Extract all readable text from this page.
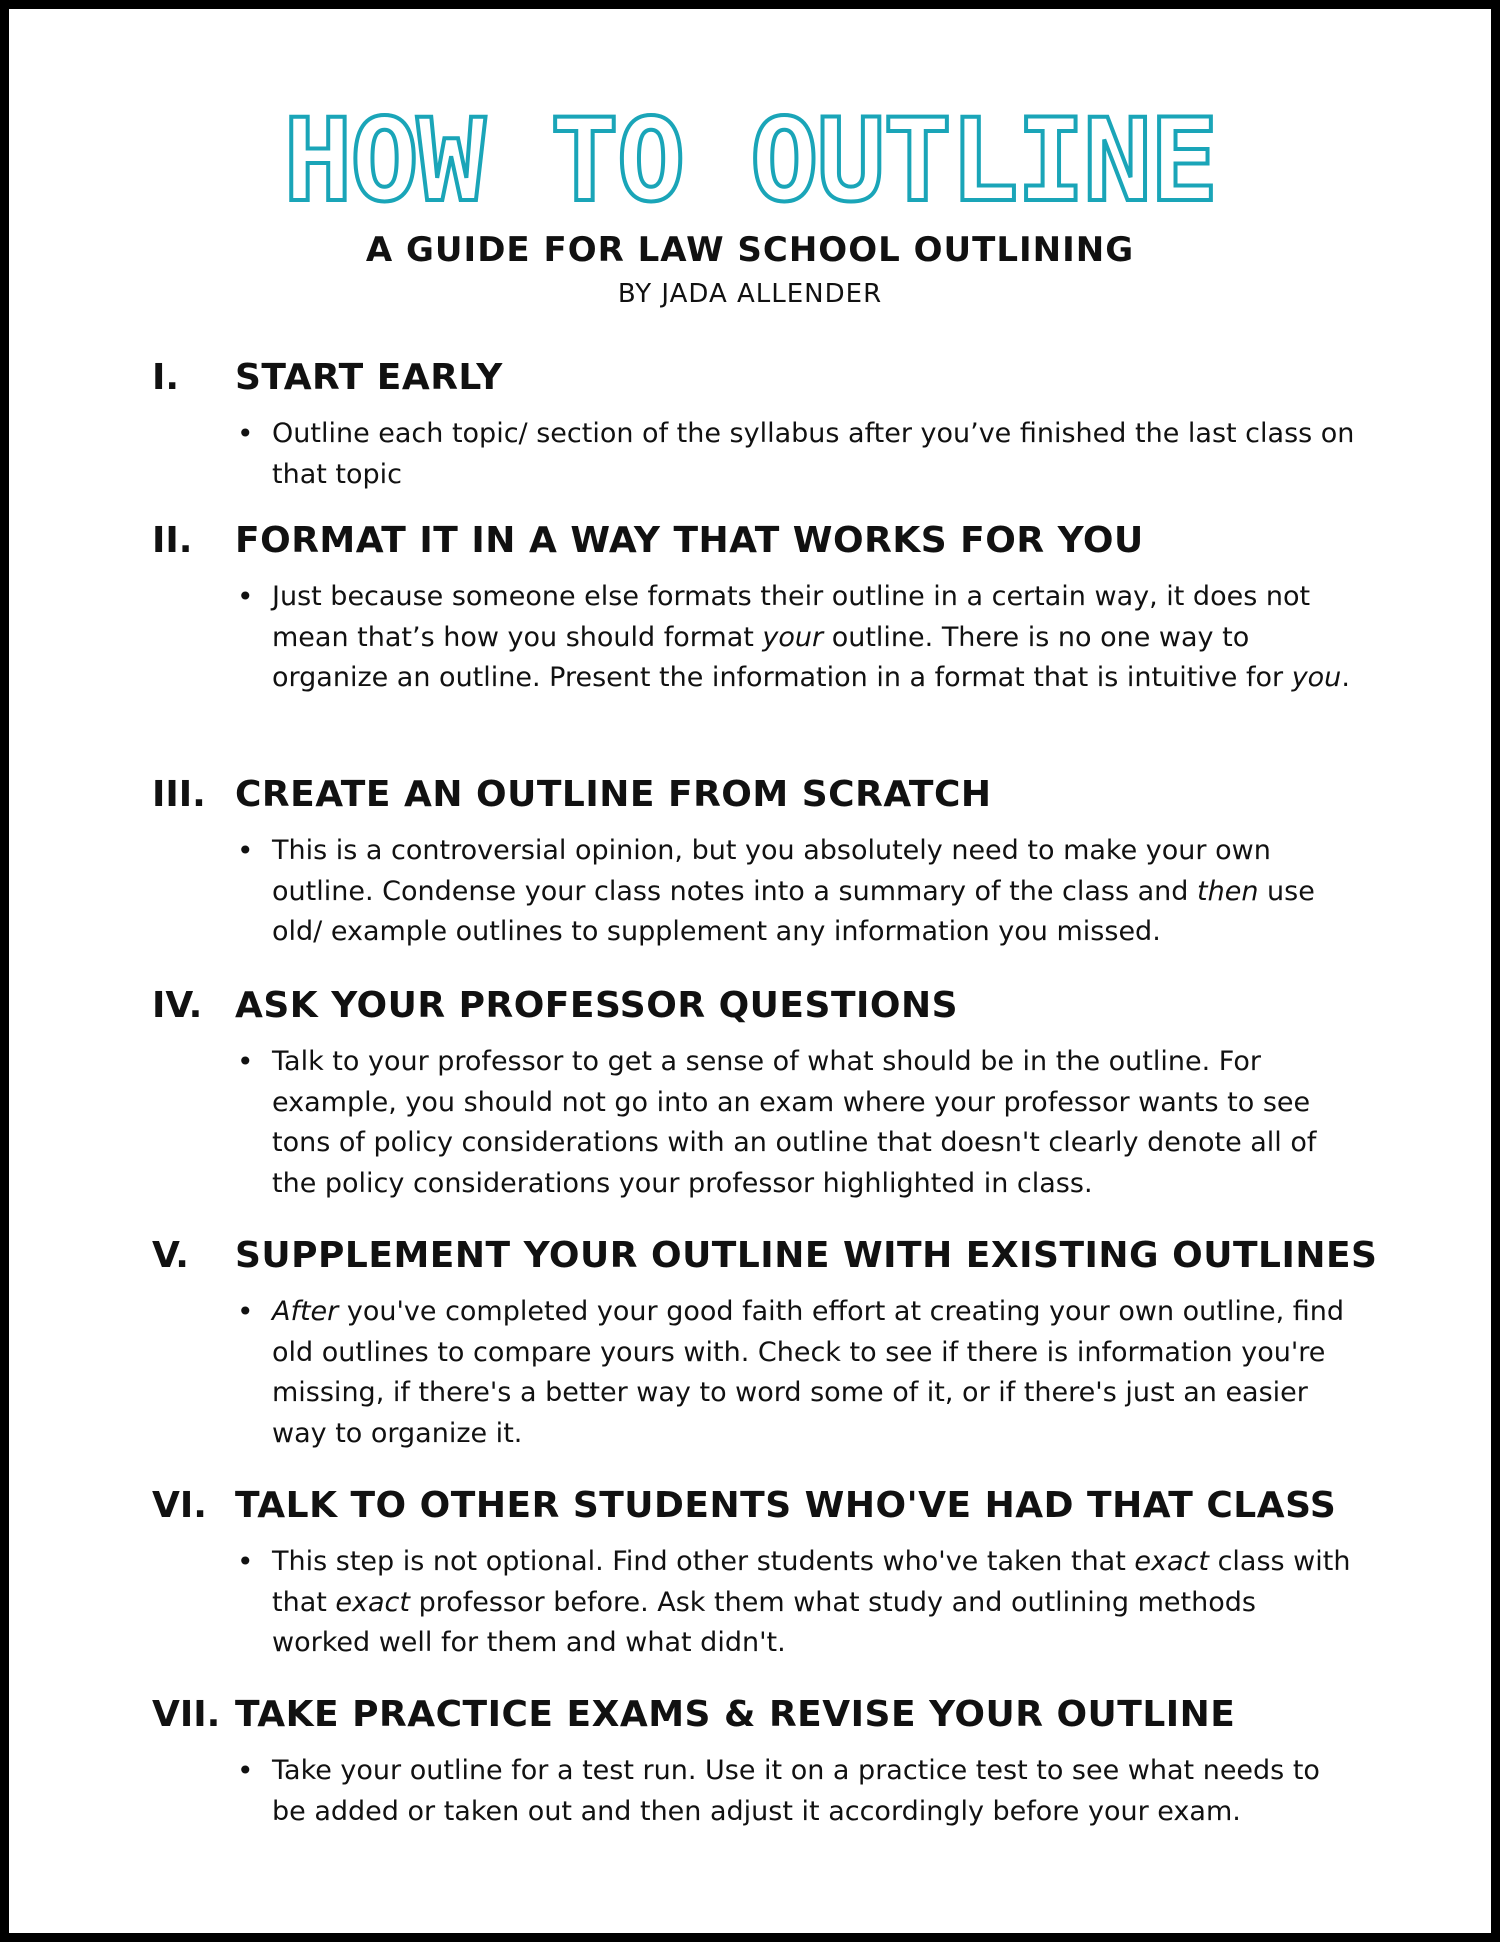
HOW TO OUTLINE
A GUIDE FOR LAW SCHOOL OUTLINING
BY JADA ALLENDER
I. START EARLY
• Outline each topic/ section of the syllabus after you’ve finished the last class on that topic
II. FORMAT IT IN A WAY THAT WORKS FOR YOU
• Just because someone else formats their outline in a certain way, it does not mean that’s how you should format your outline. There is no one way to organize an outline. Present the information in a format that is intuitive for you.
III. CREATE AN OUTLINE FROM SCRATCH
• This is a controversial opinion, but you absolutely need to make your own outline. Condense your class notes into a summary of the class and then use old/ example outlines to supplement any information you missed.
IV. ASK YOUR PROFESSOR QUESTIONS
• Talk to your professor to get a sense of what should be in the outline. For example, you should not go into an exam where your professor wants to see tons of policy considerations with an outline that doesn't clearly denote all of the policy considerations your professor highlighted in class.
V. SUPPLEMENT YOUR OUTLINE WITH EXISTING OUTLINES
• After you've completed your good faith effort at creating your own outline, find old outlines to compare yours with. Check to see if there is information you're missing, if there's a better way to word some of it, or if there's just an easier way to organize it.
VI. TALK TO OTHER STUDENTS WHO'VE HAD THAT CLASS
• This step is not optional. Find other students who've taken that exact class with that exact professor before. Ask them what study and outlining methods worked well for them and what didn't.
VII. TAKE PRACTICE EXAMS & REVISE YOUR OUTLINE
• Take your outline for a test run. Use it on a practice test to see what needs to be added or taken out and then adjust it accordingly before your exam.
